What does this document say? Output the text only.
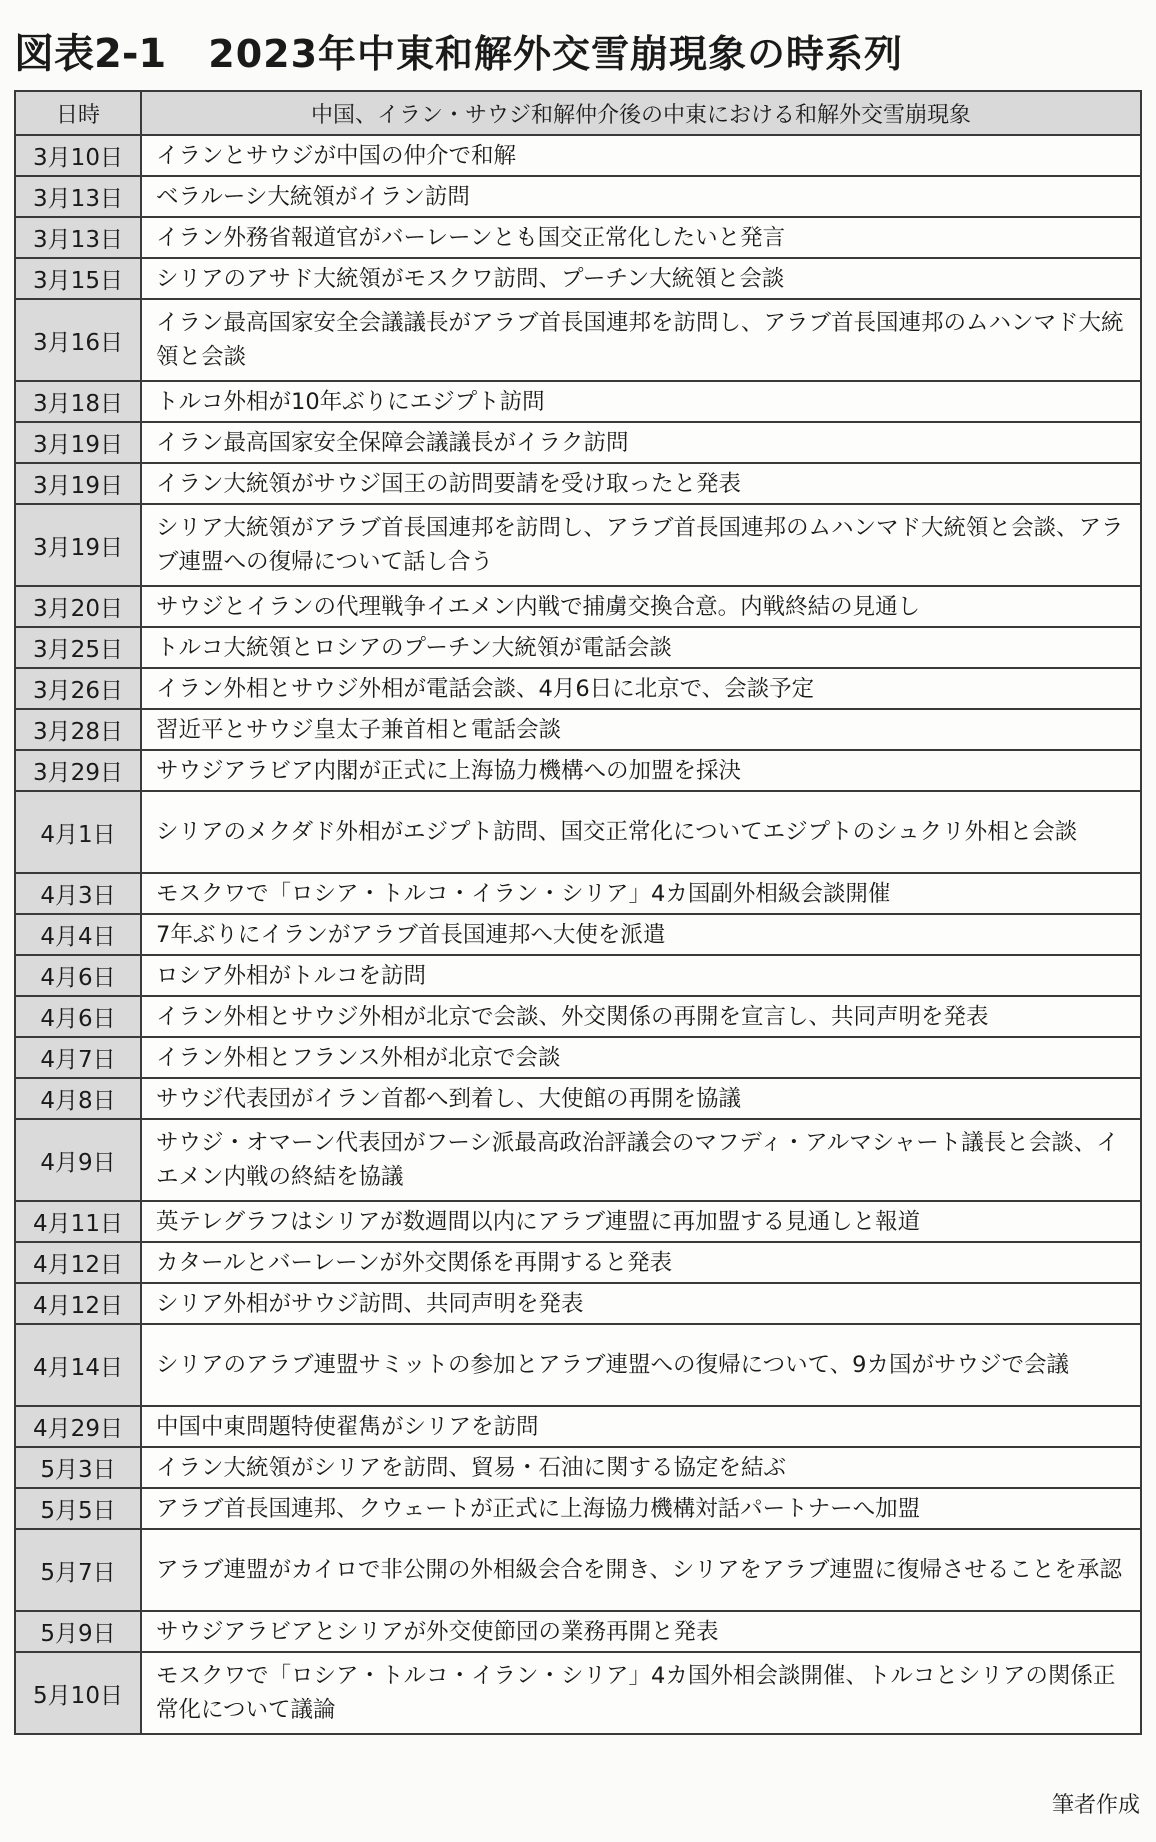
図表2-1 2023年中東和解外交雪崩現象の時系列
日時	中国、イラン・サウジ和解仲介後の中東における和解外交雪崩現象
3月10日	イランとサウジが中国の仲介で和解
3月13日	ベラルーシ大統領がイラン訪問
3月13日	イラン外務省報道官がバーレーンとも国交正常化したいと発言
3月15日	シリアのアサド大統領がモスクワ訪問、プーチン大統領と会談
3月16日	イラン最高国家安全会議議長がアラブ首長国連邦を訪問し、アラブ首長国連邦のムハンマド大統領と会談
3月18日	トルコ外相が10年ぶりにエジプト訪問
3月19日	イラン最高国家安全保障会議議長がイラク訪問
3月19日	イラン大統領がサウジ国王の訪問要請を受け取ったと発表
3月19日	シリア大統領がアラブ首長国連邦を訪問し、アラブ首長国連邦のムハンマド大統領と会談、アラブ連盟への復帰について話し合う
3月20日	サウジとイランの代理戦争イエメン内戦で捕虜交換合意。内戦終結の見通し
3月25日	トルコ大統領とロシアのプーチン大統領が電話会談
3月26日	イラン外相とサウジ外相が電話会談、4月6日に北京で、会談予定
3月28日	習近平とサウジ皇太子兼首相と電話会談
3月29日	サウジアラビア内閣が正式に上海協力機構への加盟を採決
4月1日	シリアのメクダド外相がエジプト訪問、国交正常化についてエジプトのシュクリ外相と会談
4月3日	モスクワで「ロシア・トルコ・イラン・シリア」4カ国副外相級会談開催
4月4日	7年ぶりにイランがアラブ首長国連邦へ大使を派遣
4月6日	ロシア外相がトルコを訪問
4月6日	イラン外相とサウジ外相が北京で会談、外交関係の再開を宣言し、共同声明を発表
4月7日	イラン外相とフランス外相が北京で会談
4月8日	サウジ代表団がイラン首都へ到着し、大使館の再開を協議
4月9日	サウジ・オマーン代表団がフーシ派最高政治評議会のマフディ・アルマシャート議長と会談、イエメン内戦の終結を協議
4月11日	英テレグラフはシリアが数週間以内にアラブ連盟に再加盟する見通しと報道
4月12日	カタールとバーレーンが外交関係を再開すると発表
4月12日	シリア外相がサウジ訪問、共同声明を発表
4月14日	シリアのアラブ連盟サミットの参加とアラブ連盟への復帰について、9カ国がサウジで会議
4月29日	中国中東問題特使翟雋がシリアを訪問
5月3日	イラン大統領がシリアを訪問、貿易・石油に関する協定を結ぶ
5月5日	アラブ首長国連邦、クウェートが正式に上海協力機構対話パートナーへ加盟
5月7日	アラブ連盟がカイロで非公開の外相級会合を開き、シリアをアラブ連盟に復帰させることを承認
5月9日	サウジアラビアとシリアが外交使節団の業務再開と発表
5月10日	モスクワで「ロシア・トルコ・イラン・シリア」4カ国外相会談開催、トルコとシリアの関係正常化について議論
筆者作成
